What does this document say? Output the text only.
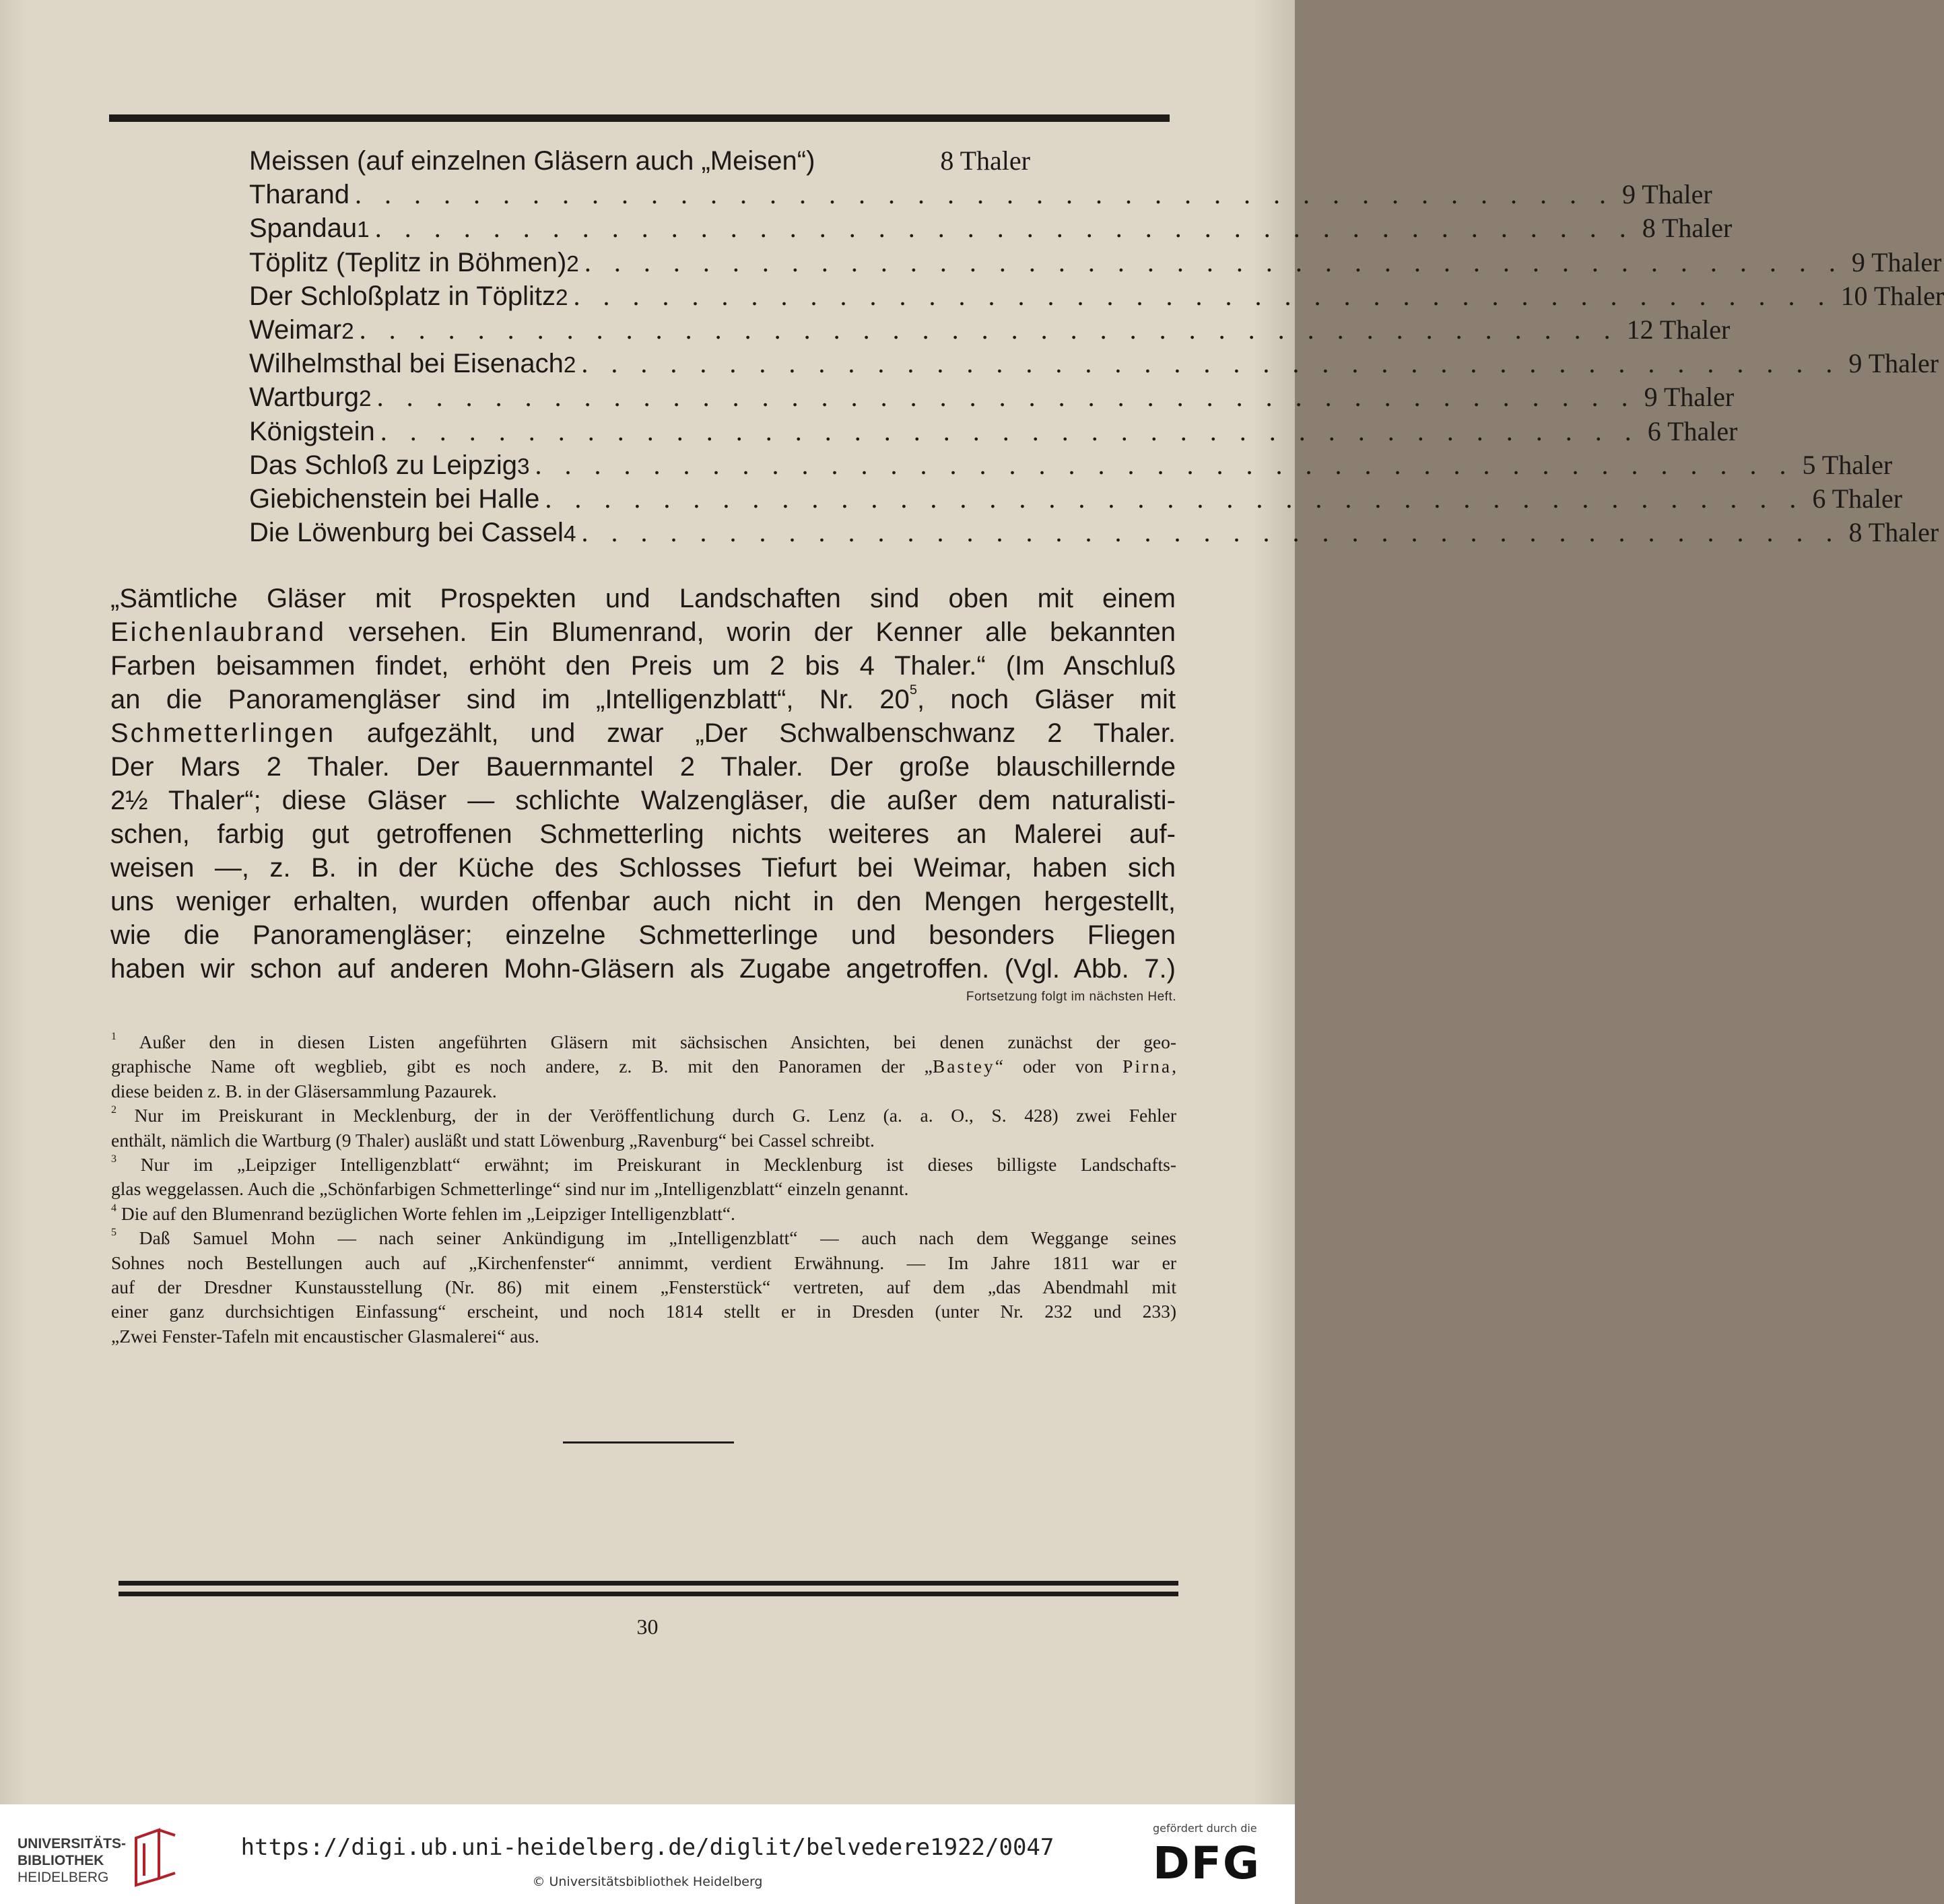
Meissen (auf einzelnen Gläsern auch „Meisen“)	8 Thaler
Tharand . . . . . . . . . . . . . . . . . . . . . . . . . . . . . . . . . . . . . . . . . . . 9 Thaler
Spandau 1 . . . . . . . . . . . . . . . . . . . . . . . . . . . . . . . . . . . . . . . . . . . 8 Thaler
Töplitz (Teplitz in Böhmen) 2 . . . . . . . . . . . . . . . . . . . . . . . . . . . . . . . . . . . . . . . . . . . 9 Thaler
Der Schloßplatz in Töplitz 2 . . . . . . . . . . . . . . . . . . . . . . . . . . . . . . . . . . . . . . . . . . . 10 Thaler
Weimar 2 . . . . . . . . . . . . . . . . . . . . . . . . . . . . . . . . . . . . . . . . . . . 12 Thaler
Wilhelmsthal bei Eisenach 2 . . . . . . . . . . . . . . . . . . . . . . . . . . . . . . . . . . . . . . . . . . . 9 Thaler
Wartburg 2 . . . . . . . . . . . . . . . . . . . . . . . . . . . . . . . . . . . . . . . . . . . 9 Thaler
Königstein . . . . . . . . . . . . . . . . . . . . . . . . . . . . . . . . . . . . . . . . . . . 6 Thaler
Das Schloß zu Leipzig 3 . . . . . . . . . . . . . . . . . . . . . . . . . . . . . . . . . . . . . . . . . . . 5 Thaler
Giebichenstein bei Halle . . . . . . . . . . . . . . . . . . . . . . . . . . . . . . . . . . . . . . . . . . . 6 Thaler
Die Löwenburg bei Cassel 4 . . . . . . . . . . . . . . . . . . . . . . . . . . . . . . . . . . . . . . . . . . . 8 Thaler
„Sämtliche Gläser mit Prospekten und Landschaften sind oben mit einem
Eichenlaubrand versehen. Ein Blumenrand, worin der Kenner alle bekannten
Farben beisammen findet, erhöht den Preis um 2 bis 4 Thaler.“ (Im Anschluß
an die Panoramengläser sind im „Intelligenzblatt“, Nr. $20^5$, noch Gläser mit
Schmetterlingen aufgezählt, und zwar „Der Schwalbenschwanz 2 Thaler.
Der Mars 2 Thaler. Der Bauernmantel 2 Thaler. Der große blauschillernde
2½ Thaler“; diese Gläser — schlichte Walzengläser, die außer dem naturalisti-
schen, farbig gut getroffenen Schmetterling nichts weiteres an Malerei auf-
weisen —, z. B. in der Küche des Schlosses Tiefurt bei Weimar, haben sich
uns weniger erhalten, wurden offenbar auch nicht in den Mengen hergestellt,
wie die Panoramengläser; einzelne Schmetterlinge und besonders Fliegen
haben wir schon auf anderen Mohn-Gläsern als Zugabe angetroffen. (Vgl. Abb. 7.)
Fortsetzung folgt im nächsten Heft.
$^1$ Außer den in diesen Listen angeführten Gläsern mit sächsischen Ansichten, bei denen zunächst der geo-
graphische Name oft wegblieb, gibt es noch andere, z. B. mit den Panoramen der „Bastey“ oder von Pirna,
diese beiden z. B. in der Gläsersammlung Pazaurek.
$^2$ Nur im Preiskurant in Mecklenburg, der in der Veröffentlichung durch G. Lenz (a. a. O., S. 428) zwei Fehler
enthält, nämlich die Wartburg (9 Thaler) ausläßt und statt Löwenburg „Ravenburg“ bei Cassel schreibt.
$^3$ Nur im „Leipziger Intelligenzblatt“ erwähnt; im Preiskurant in Mecklenburg ist dieses billigste Landschafts-
glas weggelassen. Auch die „Schönfarbigen Schmetterlinge“ sind nur im „Intelligenzblatt“ einzeln genannt.
$^4$ Die auf den Blumenrand bezüglichen Worte fehlen im „Leipziger Intelligenzblatt“.
$^5$ Daß Samuel Mohn — nach seiner Ankündigung im „Intelligenzblatt“ — auch nach dem Weggange seines
Sohnes noch Bestellungen auch auf „Kirchenfenster“ annimmt, verdient Erwähnung. — Im Jahre 1811 war er
auf der Dresdner Kunstausstellung (Nr. 86) mit einem „Fensterstück“ vertreten, auf dem „das Abendmahl mit
einer ganz durchsichtigen Einfassung“ erscheint, und noch 1814 stellt er in Dresden (unter Nr. 232 und 233)
„Zwei Fenster-Tafeln mit encaustischer Glasmalerei“ aus.
30
UNIVERSITÄTS-
BIBLIOTHEK
HEIDELBERG
https://digi.ub.uni-heidelberg.de/diglit/belvedere1922/0047
© Universitätsbibliothek Heidelberg
gefördert durch die
DFG
